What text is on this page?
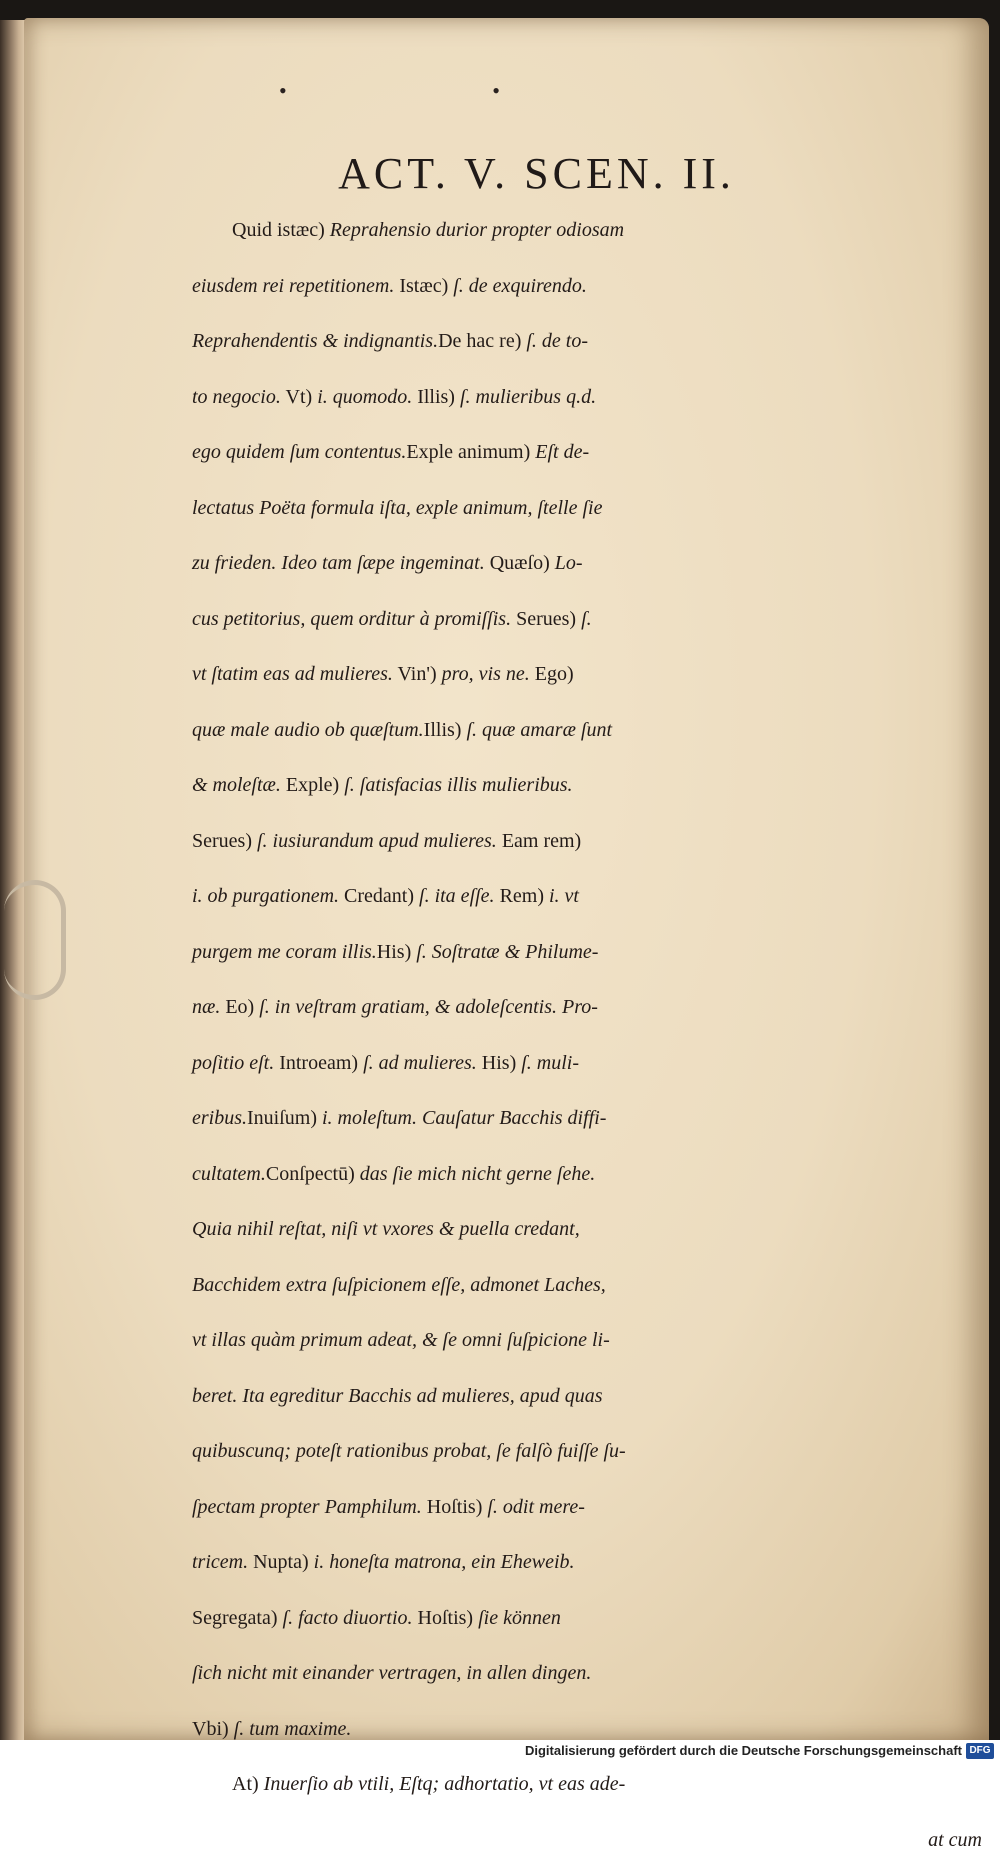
• •
ACT. V. SCEN. II.
Quid istæc) Reprahensio durior propter odiosam
eiusdem rei repetitionem. Istæc) ſ. de exquirendo.
Reprahendentis & indignantis.De hac re) ſ. de to-
to negocio. Vt) i. quomodo. Illis) ſ. mulieribus q.d.
ego quidem ſum contentus.Exple animum) Eſt de-
lectatus Poëta formula iſta, exple animum, ſtelle ſie
zu frieden. Ideo tam ſæpe ingeminat. Quæſo) Lo-
cus petitorius, quem orditur à promiſſis. Serues) ſ.
vt ſtatim eas ad mulieres. Vin') pro, vis ne. Ego)
quæ male audio ob quæſtum.Illis) ſ. quæ amaræ ſunt
& moleſtæ. Exple) ſ. ſatisfacias illis mulieribus.
Serues) ſ. iusiurandum apud mulieres. Eam rem)
i. ob purgationem. Credant) ſ. ita eſſe. Rem) i. vt
purgem me coram illis.His) ſ. Soſtratæ & Philume-
næ. Eo) ſ. in veſtram gratiam, & adoleſcentis. Pro-
poſitio eſt. Introeam) ſ. ad mulieres. His) ſ. muli-
eribus.Inuiſum) i. moleſtum. Cauſatur Bacchis diffi-
cultatem.Conſpectū) das ſie mich nicht gerne ſehe.
Quia nihil reſtat, niſi vt vxores & puella credant,
Bacchidem extra ſuſpicionem eſſe, admonet Laches,
vt illas quàm primum adeat, & ſe omni ſuſpicione li-
beret. Ita egreditur Bacchis ad mulieres, apud quas
quibuscunq; poteſt rationibus probat, ſe falſò fuiſſe ſu-
ſpectam propter Pamphilum. Hoſtis) ſ. odit mere-
tricem. Nupta) i. honeſta matrona, ein Eheweib.
Segregata) ſ. facto diuortio. Hoſtis) ſie können
ſich nicht mit einander vertragen, in allen dingen.
Vbi) ſ. tum maxime.
At) Inuerſio ab vtili, Eſtq; adhortatio, vt eas ade-
at cum
Digitalisierung gefördert durch die Deutsche Forschungsgemeinschaft DFG
